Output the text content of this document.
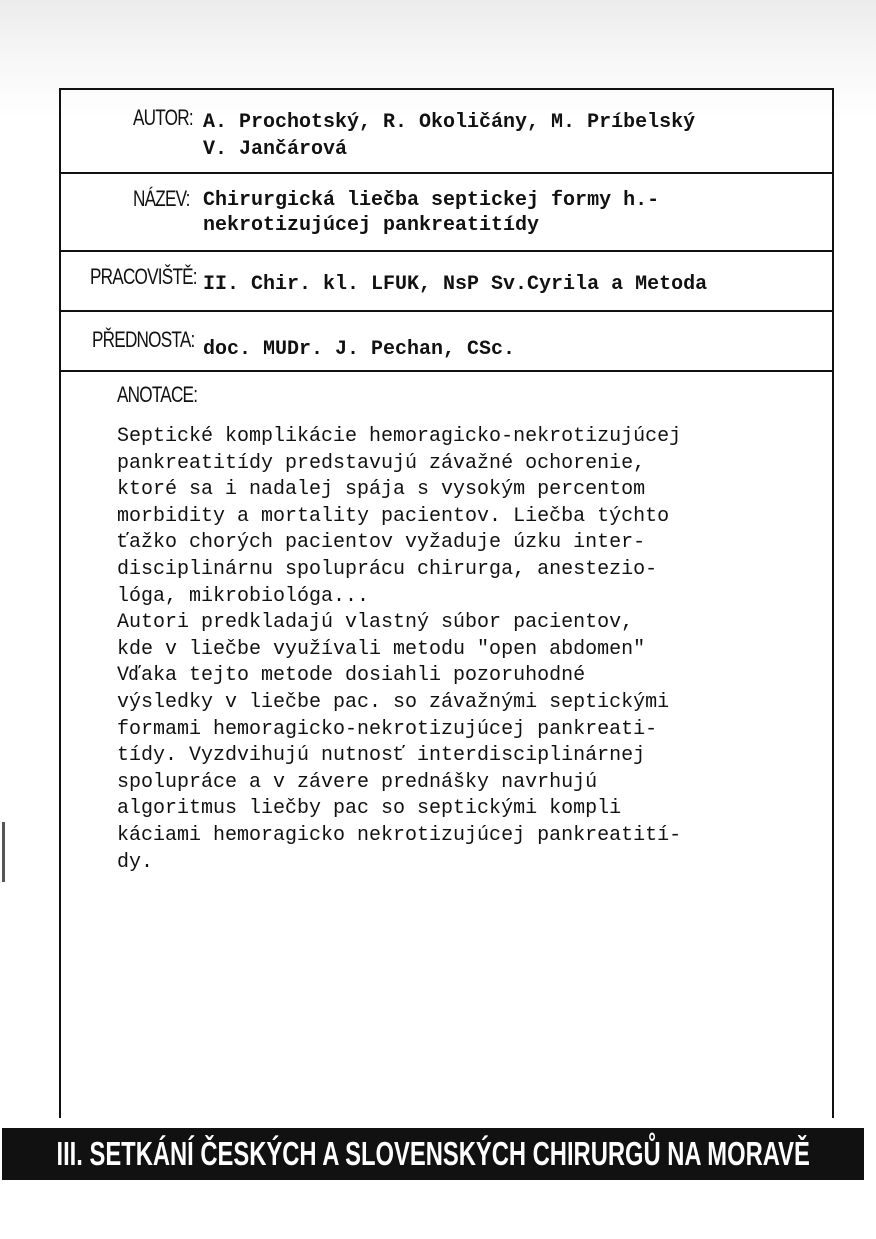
AUTOR: A. Prochotský, R. Okoličány, M. Príbelský
V. Jančárová
NÁZEV: Chirurgická liečba septickej formy h.-
nekrotizujúcej pankreatitídy
PRACOVIŠTĚ: II. Chir. kl. LFUK, NsP Sv.Cyrila a Metoda
PŘEDNOSTA: doc. MUDr. J. Pechan, CSc.
ANOTACE:
Septické komplikácie hemoragicko-nekrotizujúcej
pankreatitídy predstavujú závažné ochorenie,
ktoré sa i nadalej spája s vysokým percentom
morbidity a mortality pacientov. Liečba týchto
ťažko chorých pacientov vyžaduje úzku inter-
disciplinárnu spoluprácu chirurga, anestezio-
lóga, mikrobiológa...
Autori predkladajú vlastný súbor pacientov,
kde v liečbe využívali metodu "open abdomen"
Vďaka tejto metode dosiahli pozoruhodné
výsledky v liečbe pac. so závažnými septickými
formami hemoragicko-nekrotizujúcej pankreati-
tídy. Vyzdvihujú nutnosť interdisciplinárnej
spolupráce a v závere prednášky navrhujú
algoritmus liečby pac so septickými kompli
káciami hemoragicko nekrotizujúcej pankreatití-
dy.
III. SETKÁNÍ ČESKÝCH A SLOVENSKÝCH CHIRURGŮ NA MORAVĚ
